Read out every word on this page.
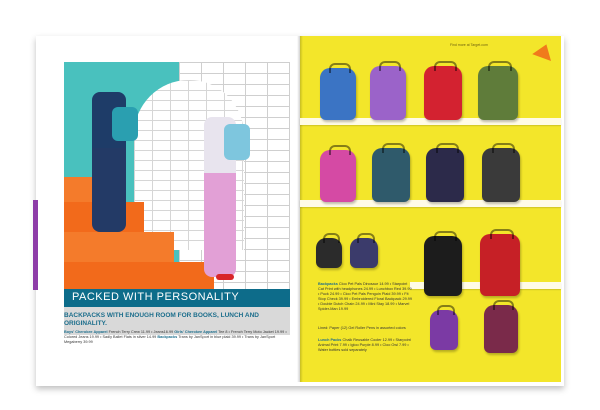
PACKED WITH PERSONALITY
BACKPACKS WITH ENOUGH ROOM FOR BOOKS, LUNCH AND ORIGINALITY.
Boys' Cherokee Apparel French Terry Crew 11.99 • Jeans16.99 Girls' Cherokee Apparel Tee 8 • French Terry Moto Jacket 19.99 • Colored Jeans 19.99 • Sadly Ballet Flats in silver 14.99 Backpacks Trans by JanSport in blue plaid 39.99 • Trans by JanSport Megaberry 39.99
Find more at Target.com
Backpacks Cloo Pet Pals Dinosaur 14.99 • Starpoint Cat Print with headphones 24.99 • Lunchbox Red 39.99 • Puck 24.99 • Cloo Pet Pals Penguin Plaid 39.99 • Fit Stop Check 39.99 • Embroidered Floral Backpack 29.99 • Double Dutch Chain 24.99 • Mini Stay 18.99 • Marvel Spider-Man 19.99
Lined: Paper (12) Gel Roller Pens in assorted colors
Lunch Packs Chalk Reusable Cooler 12.99 • Starpoint Animal Print 7.99 • Igloo Purple 8.99 • Cloo Owl 7.99 • Water bottles sold separately
